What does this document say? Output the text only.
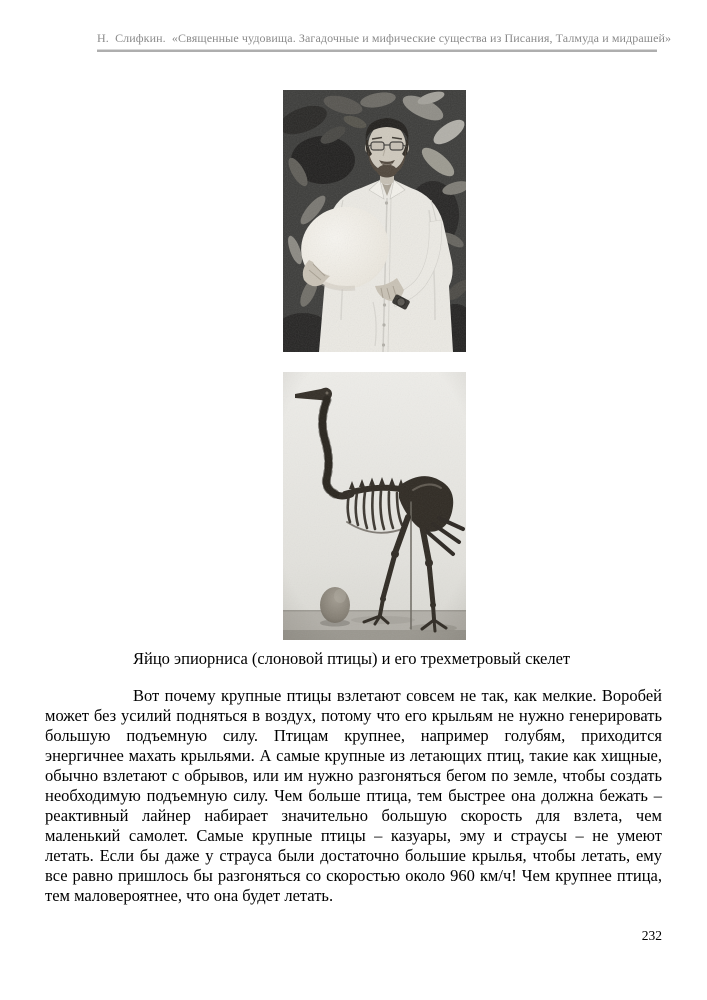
Н.  Слифкин.  «Священные чудовища. Загадочные и мифические существа из Писания, Талмуда и мидрашей»

Яйцо эпиорниса (слоновой птицы) и его трехметровый скелет

Вот почему крупные птицы взлетают совсем не так, как мелкие. Воробей может без усилий подняться в воздух, потому что его крыльям не нужно генерировать большую подъемную силу. Птицам крупнее, например голубям, приходится энергичнее махать крыльями. А самые крупные из летающих птиц, такие как хищные, обычно взлетают с обрывов, или им нужно разгоняться бегом по земле, чтобы создать необходимую подъемную силу. Чем больше птица, тем быстрее она должна бежать – реактивный лайнер набирает значительно большую скорость для взлета, чем маленький самолет. Самые крупные птицы – казуары, эму и страусы – не умеют летать. Если бы даже у страуса были достаточно большие крылья, чтобы летать, ему все равно пришлось бы разгоняться со скоростью около 960 км/ч! Чем крупнее птица, тем маловероятнее, что она будет летать.

232
